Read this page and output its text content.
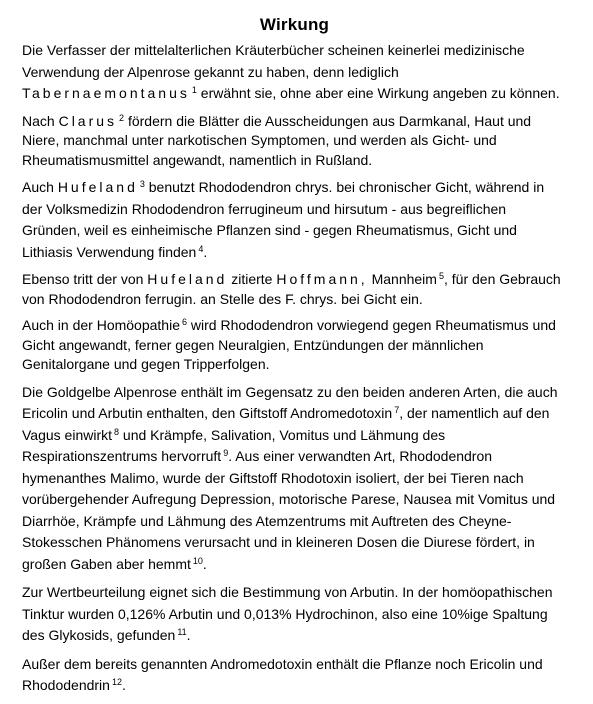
Wirkung

Die Verfasser der mittelalterlichen Kräuterbücher scheinen keinerlei medizinische Verwendung der Alpenrose gekannt zu haben, denn lediglich Tabernaemontanus $^1$ erwähnt sie, ohne aber eine Wirkung angeben zu können.

Nach Clarus $^2$ fördern die Blätter die Ausscheidungen aus Darmkanal, Haut und Niere, manchmal unter narkotischen Symptomen, und werden als Gicht- und Rheumatismusmittel angewandt, namentlich in Rußland.

Auch Hufeland $^3$ benutzt Rhododendron chrys. bei chronischer Gicht, während in der Volksmedizin Rhododendron ferrugineum und hirsutum - aus begreiflichen Gründen, weil es einheimische Pflanzen sind - gegen Rheumatismus, Gicht und Lithiasis Verwendung finden $^4$.

Ebenso tritt der von Hufeland zitierte Hoffmann, Mannheim $^5$, für den Gebrauch von Rhododendron ferrugin. an Stelle des F. chrys. bei Gicht ein.

Auch in der Homöopathie $^6$ wird Rhododendron vorwiegend gegen Rheumatismus und Gicht angewandt, ferner gegen Neuralgien, Entzündungen der männlichen Genitalorgane und gegen Tripperfolgen.

Die Goldgelbe Alpenrose enthält im Gegensatz zu den beiden anderen Arten, die auch Ericolin und Arbutin enthalten, den Giftstoff Andromedotoxin $^7$, der namentlich auf den Vagus einwirkt $^8$ und Krämpfe, Salivation, Vomitus und Lähmung des Respirationszentrums hervorruft $^9$. Aus einer verwandten Art, Rhododendron hymenanthes Malimo, wurde der Giftstoff Rhodotoxin isoliert, der bei Tieren nach vorübergehender Aufregung Depression, motorische Parese, Nausea mit Vomitus und Diarrhöe, Krämpfe und Lähmung des Atemzentrums mit Auftreten des Cheyne-Stokesschen Phänomens verursacht und in kleineren Dosen die Diurese fördert, in großen Gaben aber hemmt $^{10}$.

Zur Wertbeurteilung eignet sich die Bestimmung von Arbutin. In der homöopathischen Tinktur wurden 0,126% Arbutin und 0,013% Hydrochinon, also eine 10%ige Spaltung des Glykosids, gefunden $^{11}$.

Außer dem bereits genannten Andromedotoxin enthält die Pflanze noch Ericolin und Rhododendrin $^{12}$.
